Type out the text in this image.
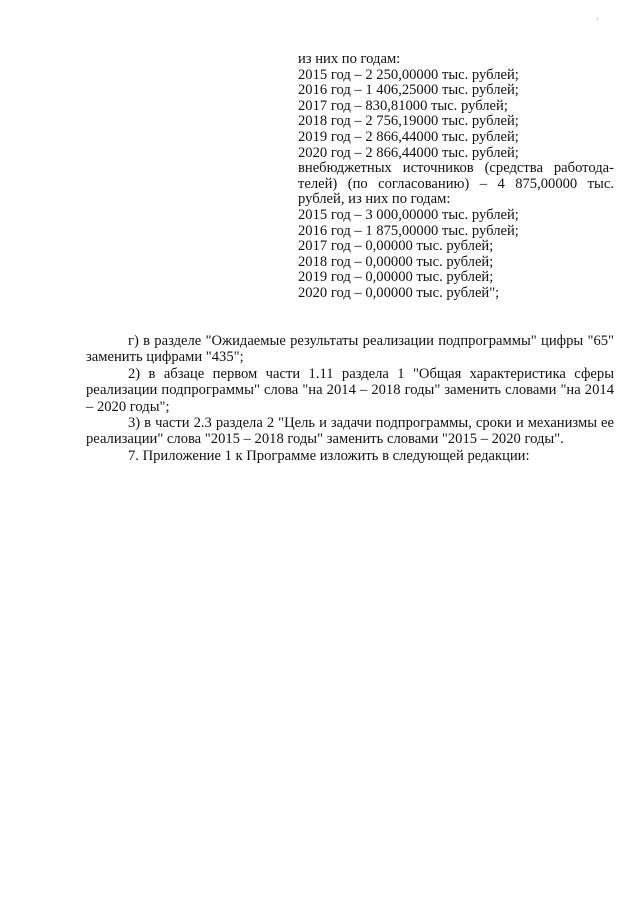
·
из них по годам:
2015 год – 2 250,00000 тыс. рублей;
2016 год – 1 406,25000 тыс. рублей;
2017 год – 830,81000 тыс. рублей;
2018 год – 2 756,19000 тыс. рублей;
2019 год – 2 866,44000 тыс. рублей;
2020 год – 2 866,44000 тыс. рублей;
внебюджетных источников (средства работода-
телей) (по согласованию) – 4 875,00000 тыс.
рублей, из них по годам:
2015 год – 3 000,00000 тыс. рублей;
2016 год – 1 875,00000 тыс. рублей;
2017 год – 0,00000 тыс. рублей;
2018 год – 0,00000 тыс. рублей;
2019 год – 0,00000 тыс. рублей;
2020 год – 0,00000 тыс. рублей";

г) в разделе "Ожидаемые результаты реализации подпрограммы" цифры "65" заменить цифрами "435";

2) в абзаце первом части 1.11 раздела 1 "Общая характеристика сферы реализации подпрограммы" слова "на 2014 – 2018 годы" заменить словами "на 2014 – 2020 годы";

3) в части 2.3 раздела 2 "Цель и задачи подпрограммы, сроки и механизмы ее реализации" слова "2015 – 2018 годы" заменить словами "2015 – 2020 годы".

7. Приложение 1 к Программе изложить в следующей редакции:
